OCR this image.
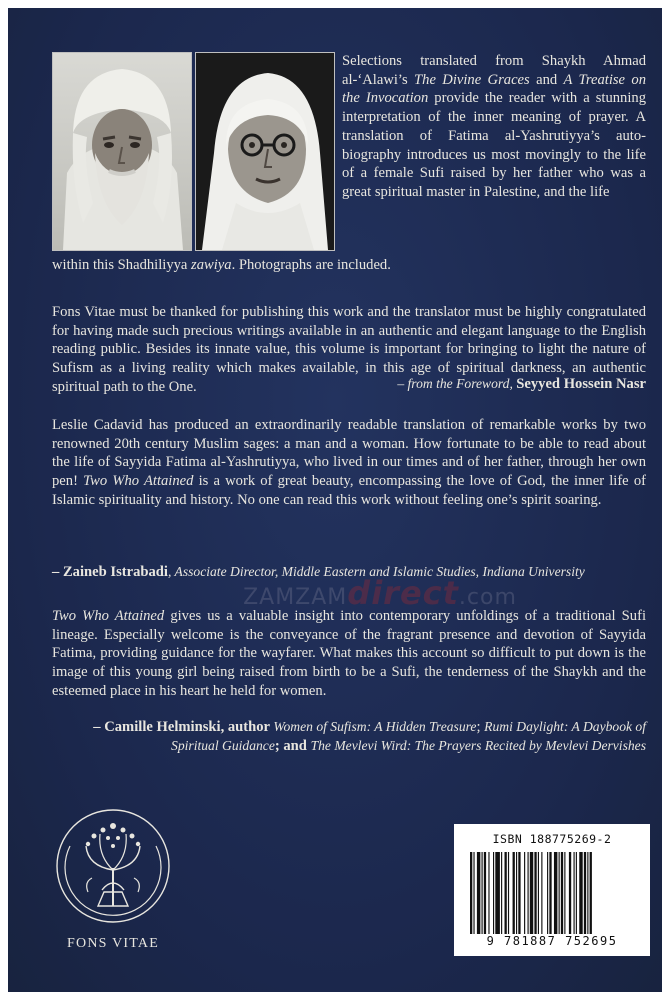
Selections translated from Shaykh Ahmad al-‘Alawi’s The Divine Graces and A Treatise on the Invocation provide the reader with a stunning interpretation of the inner meaning of prayer. A translation of Fatima al-Yashrutiyya’s auto-biography introduces us most movingly to the life of a female Sufi raised by her father who was a great spiritual master in Palestine, and the life
within this Shadhiliyya zawiya. Photographs are included.
Fons Vitae must be thanked for publishing this work and the translator must be highly congratulated for having made such precious writings available in an authentic and elegant language to the English reading public. Besides its innate value, this volume is important for bringing to light the nature of Sufism as a living reality which makes available, in this age of spiritual darkness, an authentic spiritual path to the One.	– from the Foreword, Seyyed Hossein Nasr
Leslie Cadavid has produced an extraordinarily readable translation of remarkable works by two renowned 20th century Muslim sages: a man and a woman. How fortunate to be able to read about the life of Sayyida Fatima al-Yashrutiyya, who lived in our times and of her father, through her own pen! Two Who Attained is a work of great beauty, encompassing the love of God, the inner life of Islamic spirituality and history. No one can read this work without feeling one’s spirit soaring.
– Zaineb Istrabadi, Associate Director, Middle Eastern and Islamic Studies, Indiana University
Two Who Attained gives us a valuable insight into contemporary unfoldings of a traditional Sufi lineage. Especially welcome is the conveyance of the fragrant presence and devotion of Sayyida Fatima, providing guidance for the wayfarer. What makes this account so difficult to put down is the image of this young girl being raised from birth to be a Sufi, the tenderness of the Shaykh and the esteemed place in his heart he held for women.
– Camille Helminski, author Women of Sufism: A Hidden Treasure; Rumi Daylight: A Daybook of Spiritual Guidance; and The Mevlevi Wird: The Prayers Recited by Mevlevi Dervishes
ZAMZAMdirect.com
FONS VITAE
ISBN 188775269-2
9 781887 752695
